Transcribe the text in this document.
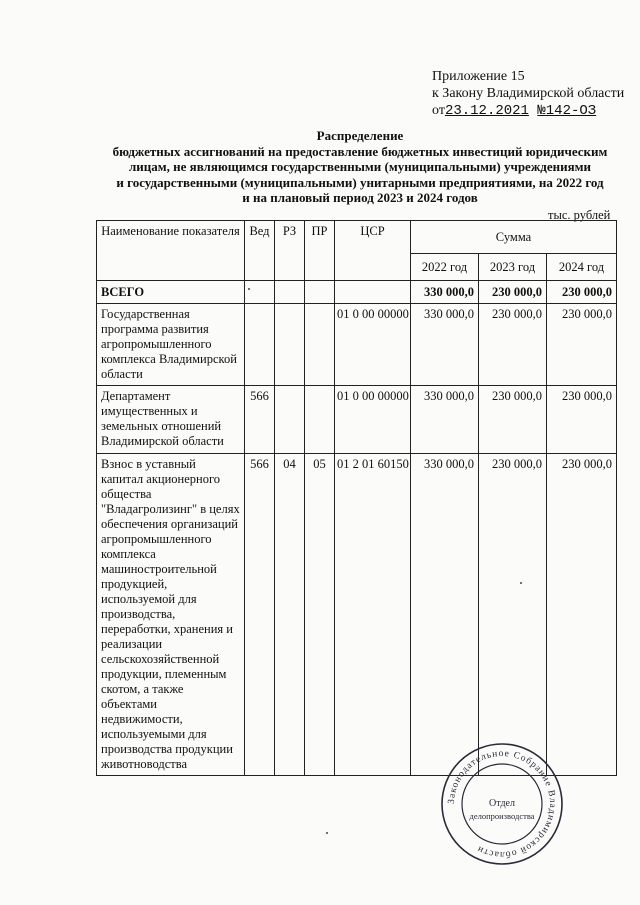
Приложение 15
к Закону Владимирской области
от23.12.2021 №142-ОЗ
Распределение
бюджетных ассигнований на предоставление бюджетных инвестиций юридическим
лицам, не являющимся государственными (муниципальными) учреждениями
и государственными (муниципальными) унитарными предприятиями, на 2022 год
и на плановый период 2023 и 2024 годов
тыс. рублей
Наименование показателя	Вед	РЗ	ПР	ЦСР	Сумма		
					2022 год	2023 год	2024 год
ВСЕГО					330 000,0	230 000,0	230 000,0
Государственная программа развития агропромышленного комплекса Владимирской области				01 0 00 00000	330 000,0	230 000,0	230 000,0
Департамент имущественных и земельных отношений Владимирской области	566			01 0 00 00000	330 000,0	230 000,0	230 000,0
Взнос в уставный капитал акционерного общества "Владагролизинг" в целях обеспечения организаций агропромышленного комплекса машиностроительной продукцией, используемой для производства, переработки, хранения и реализации сельскохозяйственной продукции, племенным скотом, а также объектами недвижимости, используемыми для производства продукции животноводства	566	04	05	01 2 01 60150	330 000,0	230 000,0	230 000,0
Законодательное Собрание Владимирской области
Отдел
делопроизводства
